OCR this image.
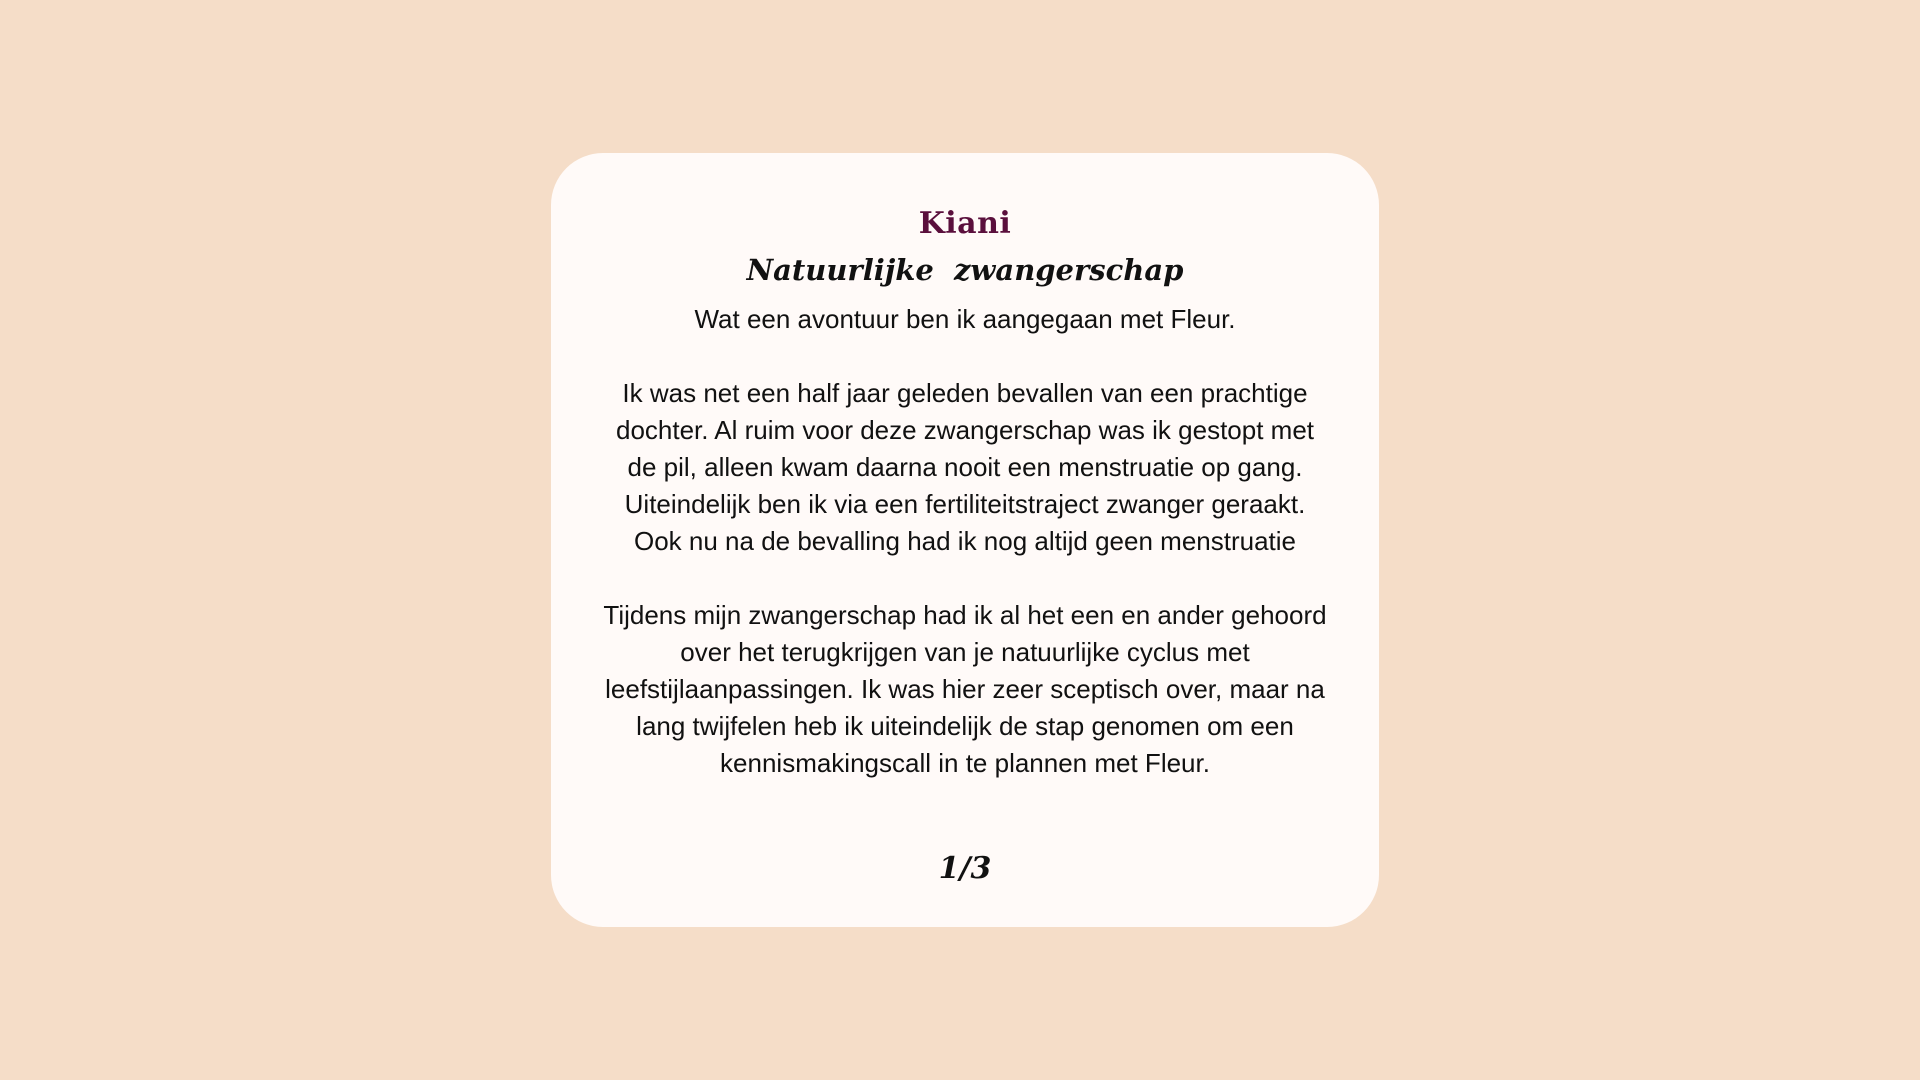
Kiani
Natuurlijke  zwangerschap

Wat een avontuur ben ik aangegaan met Fleur.

Ik was net een half jaar geleden bevallen van een prachtige dochter. Al ruim voor deze zwangerschap was ik gestopt met de pil, alleen kwam daarna nooit een menstruatie op gang. Uiteindelijk ben ik via een fertiliteitstraject zwanger geraakt. Ook nu na de bevalling had ik nog altijd geen menstruatie

Tijdens mijn zwangerschap had ik al het een en ander gehoord over het terugkrijgen van je natuurlijke cyclus met leefstijlaanpassingen. Ik was hier zeer sceptisch over, maar na lang twijfelen heb ik uiteindelijk de stap genomen om een kennismakingscall in te plannen met Fleur.

1/3
